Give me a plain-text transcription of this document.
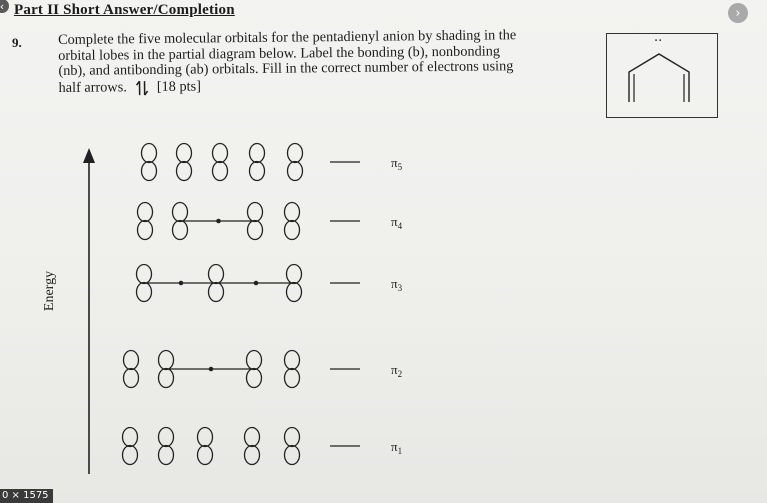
‹ Part II Short Answer/Completion
9.	Complete the five molecular orbitals for the pentadienyl anion by shading in the
orbital lobes in the partial diagram below. Label the bonding (b), nonbonding
(nb), and antibonding (ab) orbitals. Fill in the correct number of electrons using
half arrows. [18 pts]
›
··
Energy
$\pi_5$
$\pi_4$
$\pi_3$
$\pi_2$
$\pi_1$
0 × 1575
